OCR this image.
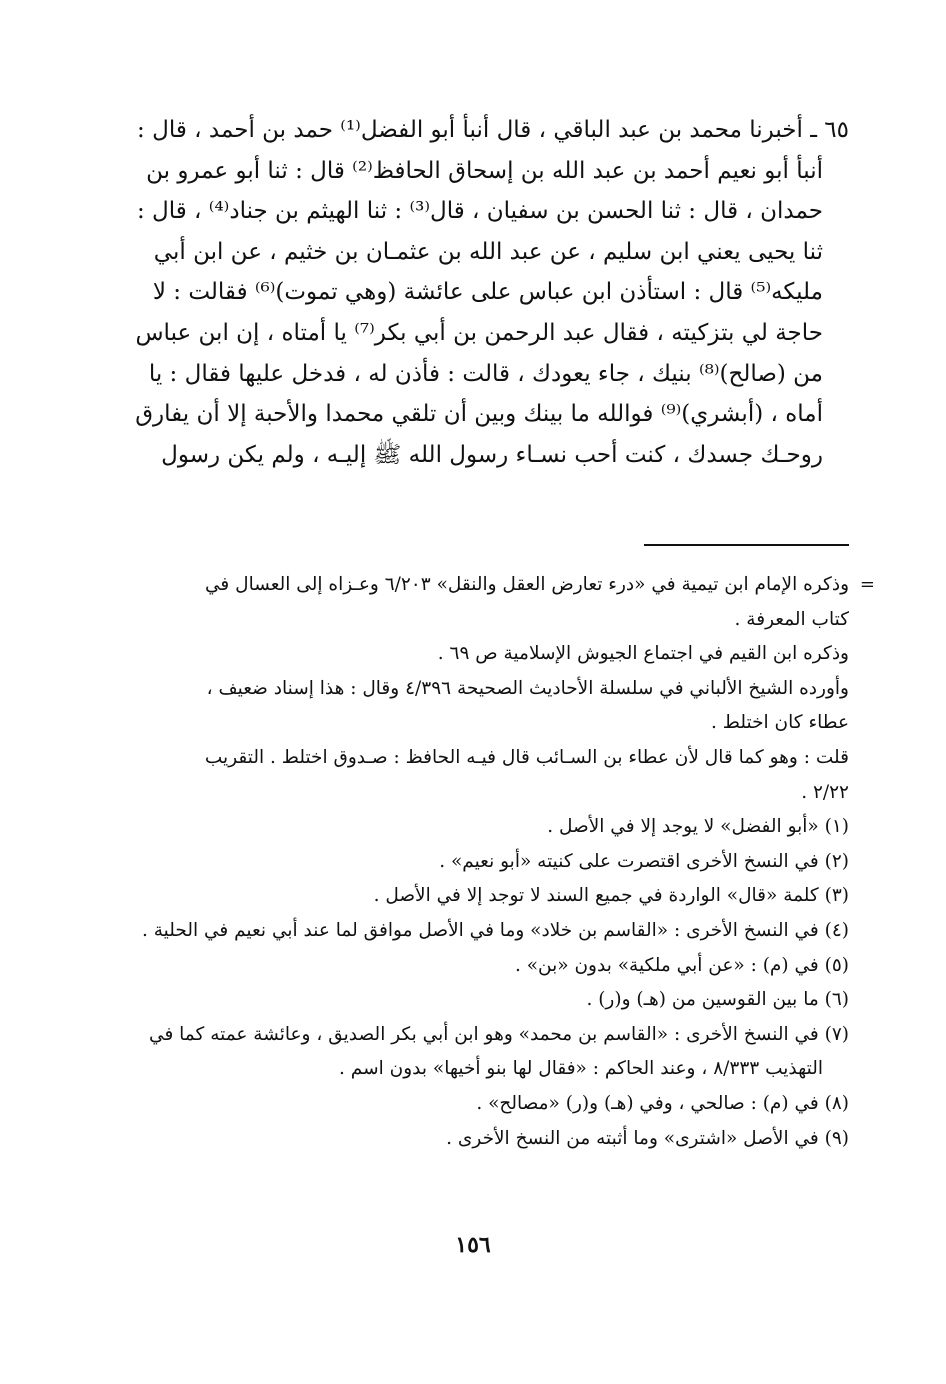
٦٥ ـ أخبرنا محمد بن عبد الباقي ، قال أنبأ أبو الفضل⁽¹⁾ حمد بن أحمد ، قال :
أنبأ أبو نعيم أحمد بن عبد الله بن إسحاق الحافظ⁽²⁾ قال : ثنا أبو عمرو بن
حمدان ، قال : ثنا الحسن بن سفيان ، قال⁽³⁾ : ثنا الهيثم بن جناد⁽⁴⁾ ، قال :
ثنا يحيى يعني ابن سليم ، عن عبد الله بن عثمـان بن خثيم ، عن ابن أبي
مليكه⁽⁵⁾ قال : استأذن ابن عباس على عائشة (وهي تموت)⁽⁶⁾ فقالت : لا
حاجة لي بتزكيته ، فقال عبد الرحمن بن أبي بكر⁽⁷⁾ يا أمتاه ، إن ابن عباس
من (صالح)⁽⁸⁾ بنيك ، جاء يعودك ، قالت : فأذن له ، فدخل عليها فقال : يا
أماه ، (أبشري)⁽⁹⁾ فوالله ما بينك وبين أن تلقي محمدا والأحبة إلا أن يفارق
روحـك جسدك ، كنت أحب نسـاء رسول الله ﷺ إليـه ، ولم يكن رسول
=
وذكره الإمام ابن تيمية في «درء تعارض العقل والنقل» ٦/٢٠٣ وعـزاه إلى العسال في
كتاب المعرفة .
وذكره ابن القيم في اجتماع الجيوش الإسلامية ص ٦٩ .
وأورده الشيخ الألباني في سلسلة الأحاديث الصحيحة ٤/٣٩٦ وقال : هذا إسناد ضعيف ،
عطاء كان اختلط .
قلت : وهو كما قال لأن عطاء بن السـائب قال فيـه الحافظ : صـدوق اختلط . التقريب
٢/٢٢ .
(١) «أبو الفضل» لا يوجد إلا في الأصل .
(٢) في النسخ الأخرى اقتصرت على كنيته «أبو نعيم» .
(٣) كلمة «قال» الواردة في جميع السند لا توجد إلا في الأصل .
(٤) في النسخ الأخرى : «القاسم بن خلاد» وما في الأصل موافق لما عند أبي نعيم في الحلية .
(٥) في (م) : «عن أبي ملكية» بدون «بن» .
(٦) ما بين القوسين من (هـ) و(ر) .
(٧) في النسخ الأخرى : «القاسم بن محمد» وهو ابن أبي بكر الصديق ، وعائشة عمته كما في
التهذيب ٨/٣٣٣ ، وعند الحاكم : «فقال لها بنو أخيها» بدون اسم .
(٨) في (م) : صالحي ، وفي (هـ) و(ر) «مصالح» .
(٩) في الأصل «اشترى» وما أثبته من النسخ الأخرى .
١٥٦
